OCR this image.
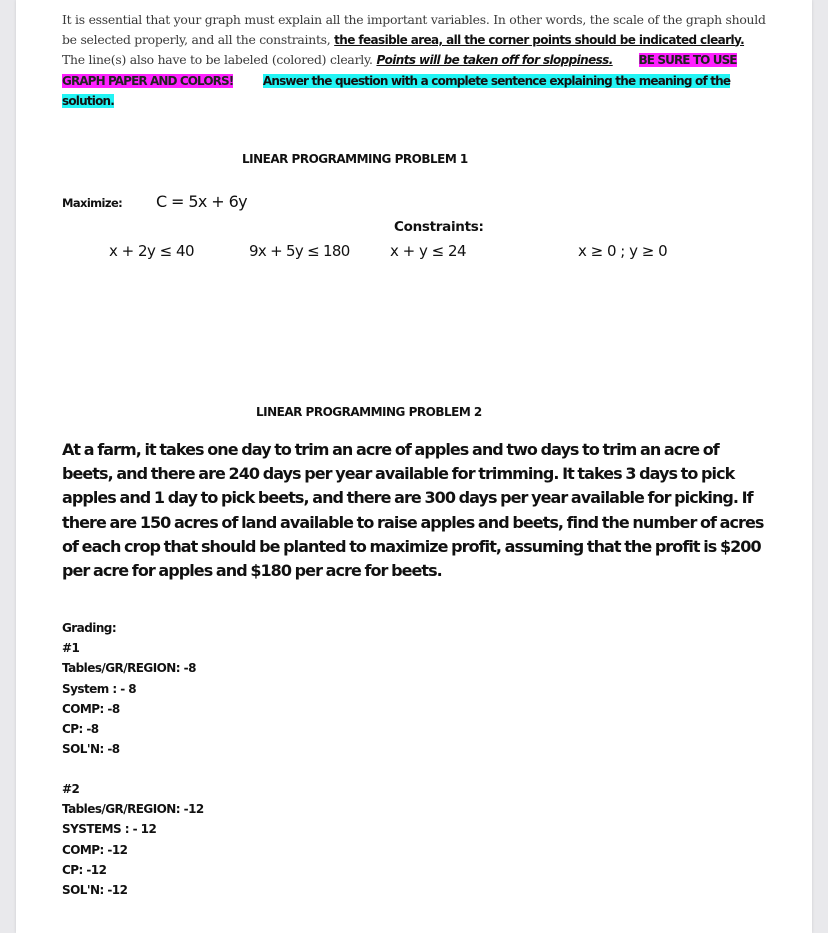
It is essential that your graph must explain all the important variables. In other words, the scale of the graph should be selected properly, and all the constraints, the feasible area, all the corner points should be indicated clearly. The line(s) also have to be labeled (colored) clearly. Points will be taken off for sloppiness. BE SURE TO USE GRAPH PAPER AND COLORS! Answer the question with a complete sentence explaining the meaning of the solution.
LINEAR PROGRAMMING PROBLEM 1
Maximize: C = 5x + 6y
Constraints:
x + 2y ≤ 40	9x + 5y ≤ 180	x + y ≤ 24	x ≥ 0 ; y ≥ 0
LINEAR PROGRAMMING PROBLEM 2
At a farm, it takes one day to trim an acre of apples and two days to trim an acre of beets, and there are 240 days per year available for trimming. It takes 3 days to pick apples and 1 day to pick beets, and there are 300 days per year available for picking. If there are 150 acres of land available to raise apples and beets, find the number of acres of each crop that should be planted to maximize profit, assuming that the profit is $200 per acre for apples and $180 per acre for beets.
Grading:
#1
Tables/GR/REGION: -8
System : - 8
COMP: -8
CP: -8
SOL'N: -8
#2
Tables/GR/REGION: -12
SYSTEMS : - 12
COMP: -12
CP: -12
SOL'N: -12
